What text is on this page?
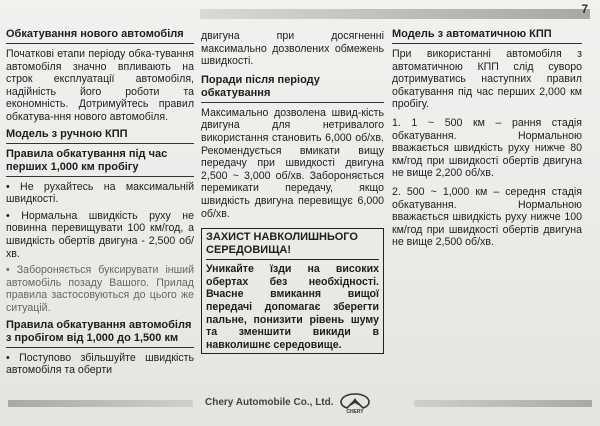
7
Обкатування нового автомобіля

Початкові етапи періоду обка-тування автомобіля значно впливають на строк експлуатації автомобіля, надійність його роботи та економність. Дотримуйтесь правил обкатува-ння нового автомобіля.

Модель з ручною КПП
Правила обкатування під час перших 1,000 км пробігу

• Не рухайтесь на максимальній швидкості.

• Нормальна швидкість руху не повинна перевищувати 100 км/год, а швидкість обертів двигуна - 2,500 об/хв.

• Забороняється буксирувати інший автомобіль позаду Вашого. Прилад правила застосовуються до цього же ситуацій.

Правила обкатування автомобіля з пробігом від 1,000 до 1,500 км

• Поступово збільшуйте швидкість автомобіля та оберти

двигуна при досягненні максимально дозволених обмежень швидкості.

Поради після періоду обкатування

Максимально дозволена швид-кість двигуна для нетривалого використання становить 6,000 об/хв. Рекомендується вмикати вищу передачу при швидкості двигуна 2,500 ~ 3,000 об/хв. Забороняється перемикати передачу, якщо швидкість двигуна перевищує 6,000 об/хв.

ЗАХИСТ НАВКОЛИШНЬОГО СЕРЕДОВИЩА!
Уникайте їзди на високих обертах без необхідності. Вчасне вмикання вищої передачі допомагає зберегти пальне, понизити рівень шуму та зменшити викиди в навколишнє середовище.
Модель з автоматичною КПП

При використанні автомобіля з автоматичною КПП слід суворо дотримуватись наступних правил обкатування під час перших 2,000 км пробігу.

1. 1 ~ 500 км – рання стадія обкатування. Нормальною вважається швидкість руху нижче 80 км/год при швидкості обертів двигуна не вище 2,200 об/хв.

2. 500 ~ 1,000 км – середня стадія обкатування. Нормальною вважається швидкість руху нижче 100 км/год при швидкості обертів двигуна не вище 2,500 об/хв.

Chery Automobile Co., Ltd.
CHERY
